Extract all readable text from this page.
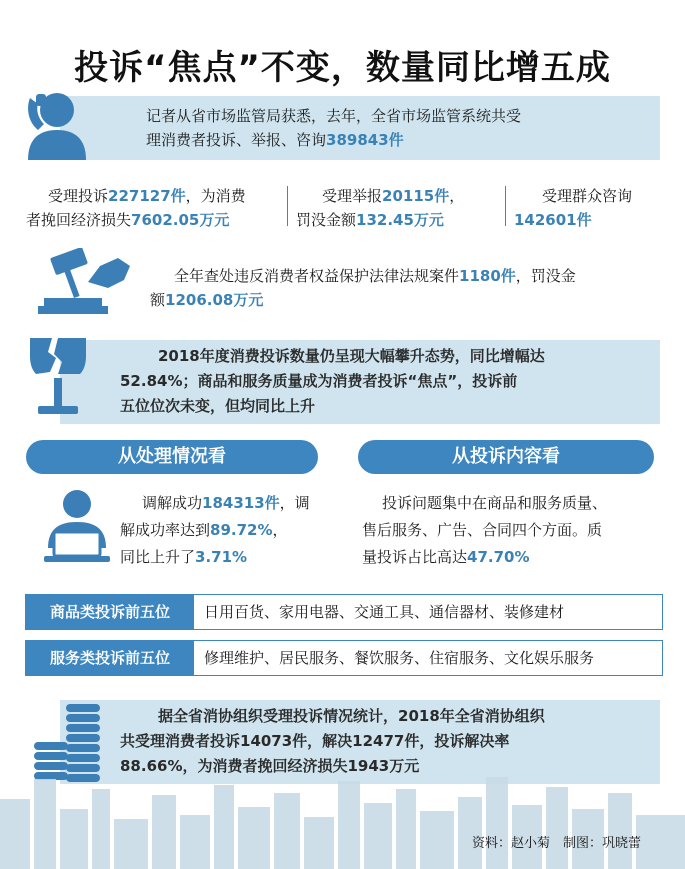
投诉“焦点”不变，数量同比增五成
记者从省市场监管局获悉，去年，全省市场监管系统共受
理消费者投诉、举报、咨询389843件
受理投诉227127件，为消费
者挽回经济损失7602.05万元
受理举报20115件，
罚没金额132.45万元
受理群众咨询
142601件
全年查处违反消费者权益保护法律法规案件1180件，罚没金
额1206.08万元
2018年度消费投诉数量仍呈现大幅攀升态势，同比增幅达
52.84%；商品和服务质量成为消费者投诉“焦点”，投诉前
五位位次未变，但均同比上升
从处理情况看	从投诉内容看
调解成功184313件，调
解成功率达到89.72%，
同比上升了3.71%
投诉问题集中在商品和服务质量、
售后服务、广告、合同四个方面。质
量投诉占比高达47.70%
商品类投诉前五位	日用百货、家用电器、交通工具、通信器材、装修建材
服务类投诉前五位	修理维护、居民服务、餐饮服务、住宿服务、文化娱乐服务
据全省消协组织受理投诉情况统计，2018年全省消协组织
共受理消费者投诉14073件，解决12477件，投诉解决率
88.66%，为消费者挽回经济损失1943万元
资料：赵小菊　制图：巩晓蕾
